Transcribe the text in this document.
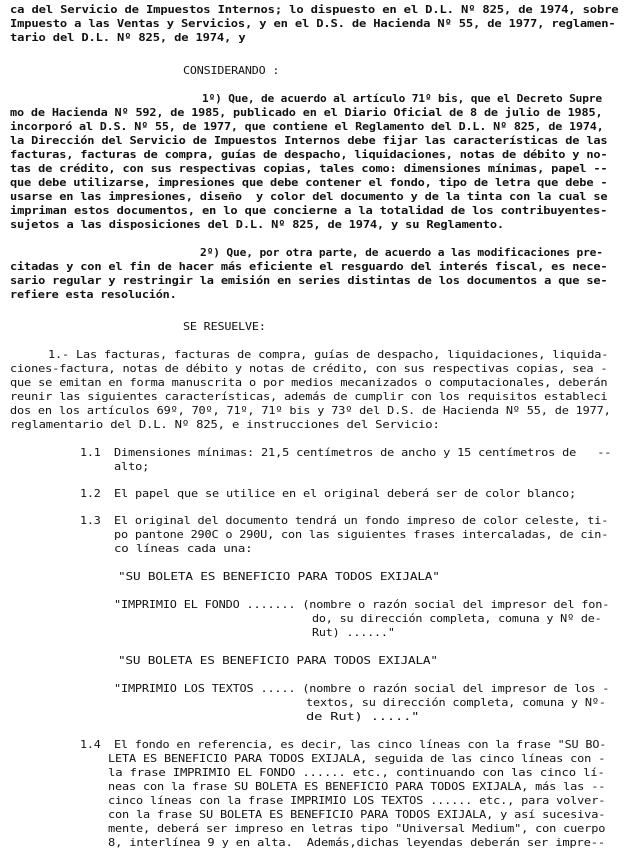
ca del Servicio de Impuestos Internos; lo dispuesto en el D.L. Nº 825, de 1974, sobre
Impuesto a las Ventas y Servicios, y en el D.S. de Hacienda Nº 55, de 1977, reglamen-
tario del D.L. Nº 825, de 1974, y
CONSIDERANDO :
1º) Que, de acuerdo al artículo 71º bis, que el Decreto Supre
mo de Hacienda Nº 592, de 1985, publicado en el Diario Oficial de 8 de julio de 1985,
incorporó al D.S. Nº 55, de 1977, que contiene el Reglamento del D.L. Nº 825, de 1974,
la Dirección del Servicio de Impuestos Internos debe fijar las características de las
facturas, facturas de compra, guías de despacho, liquidaciones, notas de débito y no-
tas de crédito, con sus respectivas copias, tales como: dimensiones mínimas, papel --
que debe utilizarse, impresiones que debe contener el fondo, tipo de letra que debe -
usarse en las impresiones, diseño  y color del documento y de la tinta con la cual se
impriman estos documentos, en lo que concierne a la totalidad de los contribuyentes-
sujetos a las disposiciones del D.L. Nº 825, de 1974, y su Reglamento.
2º) Que, por otra parte, de acuerdo a las modificaciones pre-
citadas y con el fin de hacer más eficiente el resguardo del interés fiscal, es nece-
sario regular y restringir la emisión en series distintas de los documentos a que se-
refiere esta resolución.
SE RESUELVE:
1.- Las facturas, facturas de compra, guías de despacho, liquidaciones, liquida-
ciones-factura, notas de débito y notas de crédito, con sus respectivas copias, sea -
que se emitan en forma manuscrita o por medios mecanizados o computacionales, deberán
reunir las siguientes características, además de cumplir con los requisitos estableci
dos en los artículos 69º, 70º, 71º, 71º bis y 73º del D.S. de Hacienda Nº 55, de 1977,
reglamentario del D.L. Nº 825, e instrucciones del Servicio:
1.1 Dimensiones mínimas: 21,5 centímetros de ancho y 15 centímetros de   --
alto;
1.2 El papel que se utilice en el original deberá ser de color blanco;
1.3 El original del documento tendrá un fondo impreso de color celeste, ti-
po pantone 290C o 290U, con las siguientes frases intercaladas, de cin-
co líneas cada una:
"SU BOLETA ES BENEFICIO PARA TODOS EXIJALA"
"IMPRIMIO EL FONDO ....... (nombre o razón social del impresor del fon-
do, su dirección completa, comuna y Nº de-
Rut) ......"
"SU BOLETA ES BENEFICIO PARA TODOS EXIJALA"
"IMPRIMIO LOS TEXTOS ..... (nombre o razón social del impresor de los -
textos, su dirección completa, comuna y Nº-
de Rut) ....."
1.4 El fondo en referencia, es decir, las cinco líneas con la frase "SU BO-
LETA ES BENEFICIO PARA TODOS EXIJALA, seguida de las cinco líneas con -
la frase IMPRIMIO EL FONDO ...... etc., continuando con las cinco lí-
neas con la frase SU BOLETA ES BENEFICIO PARA TODOS EXIJALA, más las --
cinco líneas con la frase IMPRIMIO LOS TEXTOS ...... etc., para volver-
con la frase SU BOLETA ES BENEFICIO PARA TODOS EXIJALA, y así sucesiva-
mente, deberá ser impreso en letras tipo "Universal Medium", con cuerpo
8, interlínea 9 y en alta.  Además,dichas leyendas deberán ser impre--
